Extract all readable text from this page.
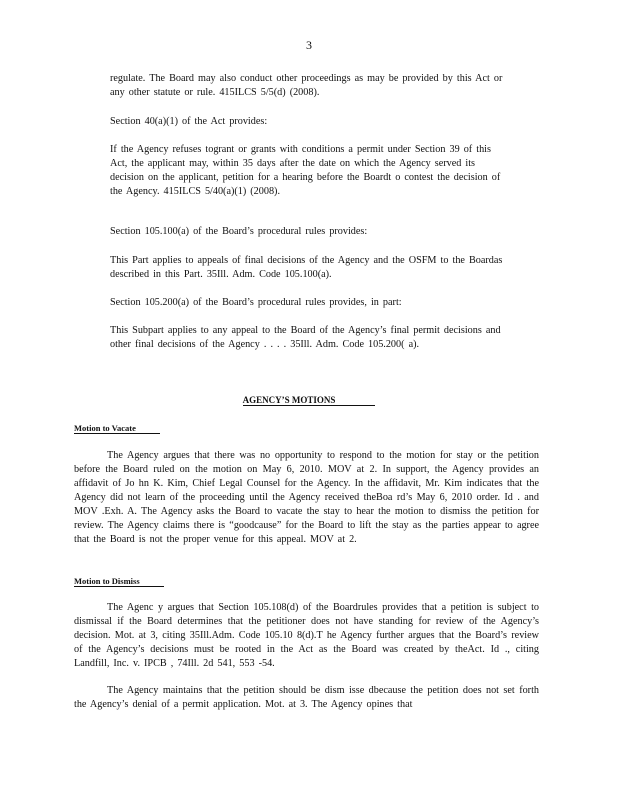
3

regulate. The Board may also conduct other proceedings as may be provided by this Act or any other statute or rule. 415ILCS 5/5(d) (2008).

Section 40(a)(1) of the Act provides:

If the Agency refuses togrant or grants with conditions a permit under Section 39 of this Act, the applicant may, within 35 days after the date on which the Agency served its decision on the applicant, petition for a hearing before the Boardt o contest the decision of the Agency. 415ILCS 5/40(a)(1) (2008).

Section 105.100(a) of the Board’s procedural rules provides:

This Part applies to appeals of final decisions of the Agency and the OSFM to the Boardas described in this Part. 35Ill. Adm. Code 105.100(a).

Section 105.200(a) of the Board’s procedural rules provides, in part:

This Subpart applies to any appeal to the Board of the Agency’s final permit decisions and other final decisions of the Agency . . . . 35Ill. Adm. Code 105.200( a).

AGENCY’S MOTIONS
Motion to Vacate

The Agency argues that there was no opportunity to respond to the motion for stay or the petition before the Board ruled on the motion on May 6, 2010. MOV at 2. In support, the Agency provides an affidavit of Jo hn K. Kim, Chief Legal Counsel for the Agency. In the affidavit, Mr. Kim indicates that the Agency did not learn of the proceeding until the Agency received theBoa rd’s May 6, 2010 order. Id . and MOV .Exh. A. The Agency asks the Board to vacate the stay to hear the motion to dismiss the petition for review. The Agency claims there is “goodcause” for the Board to lift the stay as the parties appear to agree that the Board is not the proper venue for this appeal. MOV at 2.

Motion to Dismiss

The Agenc y argues that Section 105.108(d) of the Boardrules provides that a petition is subject to dismissal if the Board determines that the petitioner does not have standing for review of the Agency’s decision. Mot. at 3, citing 35Ill.Adm. Code 105.10 8(d).T he Agency further argues that the Board’s review of the Agency’s decisions must be rooted in the Act as the Board was created by theAct. Id ., citing Landfill, Inc. v. IPCB , 74Ill. 2d 541, 553 -54.

The Agency maintains that the petition should be dism isse dbecause the petition does not set forth the Agency’s denial of a permit application. Mot. at 3. The Agency opines that
